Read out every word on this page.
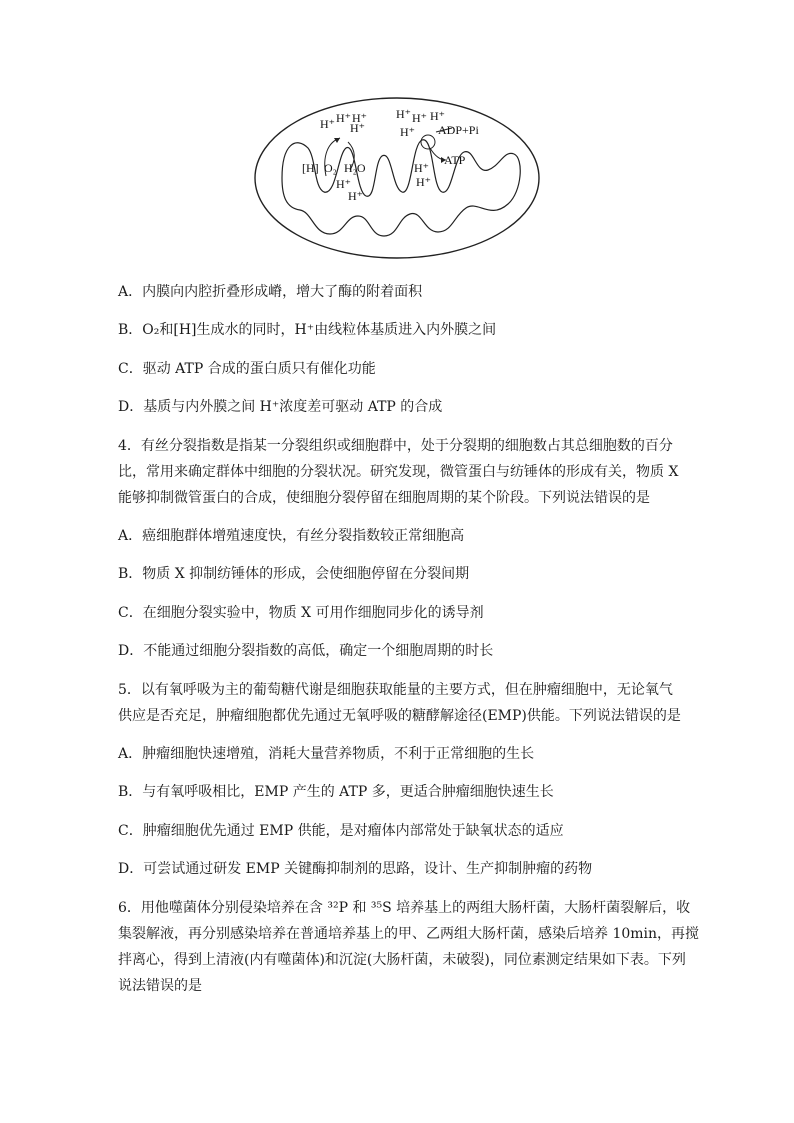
H⁺ H⁺ H⁺
H⁺
H⁺ H⁺ H⁺
H⁺ ADP+Pi
ATP
[H] O₂ H₂O
H⁺
H⁺
H⁺
H⁺
A．内膜向内腔折叠形成嵴，增大了酶的附着面积
B．O₂和[H]生成水的同时，H⁺由线粒体基质进入内外膜之间
C．驱动 ATP 合成的蛋白质只有催化功能
D．基质与内外膜之间 H⁺浓度差可驱动 ATP 的合成
4．有丝分裂指数是指某一分裂组织或细胞群中，处于分裂期的细胞数占其总细胞数的百分
比，常用来确定群体中细胞的分裂状况。研究发现，微管蛋白与纺锤体的形成有关，物质 X
能够抑制微管蛋白的合成，使细胞分裂停留在细胞周期的某个阶段。下列说法错误的是
A．癌细胞群体增殖速度快，有丝分裂指数较正常细胞高
B．物质 X 抑制纺锤体的形成，会使细胞停留在分裂间期
C．在细胞分裂实验中，物质 X 可用作细胞同步化的诱导剂
D．不能通过细胞分裂指数的高低，确定一个细胞周期的时长
5．以有氧呼吸为主的葡萄糖代谢是细胞获取能量的主要方式，但在肿瘤细胞中，无论氧气
供应是否充足，肿瘤细胞都优先通过无氧呼吸的糖酵解途径(EMP)供能。下列说法错误的是
A．肿瘤细胞快速增殖，消耗大量营养物质，不利于正常细胞的生长
B．与有氧呼吸相比，EMP 产生的 ATP 多，更适合肿瘤细胞快速生长
C．肿瘤细胞优先通过 EMP 供能，是对瘤体内部常处于缺氧状态的适应
D．可尝试通过研发 EMP 关键酶抑制剂的思路，设计、生产抑制肿瘤的药物
6．用他噬菌体分别侵染培养在含 ³²P 和 ³⁵S 培养基上的两组大肠杆菌，大肠杆菌裂解后，收
集裂解液，再分别感染培养在普通培养基上的甲、乙两组大肠杆菌，感染后培养 10min，再搅
拌离心，得到上清液(内有噬菌体)和沉淀(大肠杆菌，未破裂)，同位素测定结果如下表。下列
说法错误的是
